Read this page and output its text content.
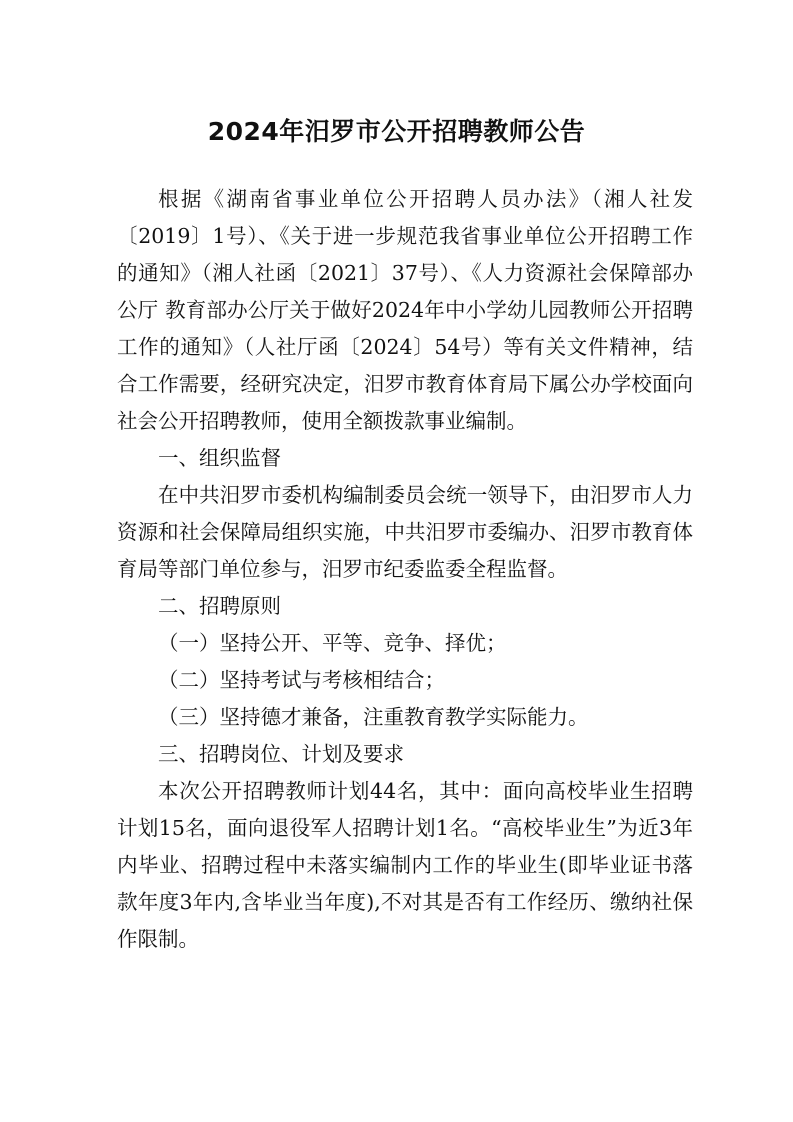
2024年汨罗市公开招聘教师公告

根据《湖南省事业单位公开招聘人员办法》（湘人社发〔2019〕1号）、《关于进一步规范我省事业单位公开招聘工作的通知》（湘人社函〔2021〕37号）、《人力资源社会保障部办公厅 教育部办公厅关于做好2024年中小学幼儿园教师公开招聘工作的通知》（人社厅函〔2024〕54号）等有关文件精神，结合工作需要，经研究决定，汨罗市教育体育局下属公办学校面向社会公开招聘教师，使用全额拨款事业编制。

一、组织监督

在中共汨罗市委机构编制委员会统一领导下，由汨罗市人力资源和社会保障局组织实施，中共汨罗市委编办、汨罗市教育体育局等部门单位参与，汨罗市纪委监委全程监督。

二、招聘原则

（一）坚持公开、平等、竞争、择优；

（二）坚持考试与考核相结合；

（三）坚持德才兼备，注重教育教学实际能力。

三、招聘岗位、计划及要求

本次公开招聘教师计划44名，其中：面向高校毕业生招聘计划15名，面向退役军人招聘计划1名。“高校毕业生”为近3年内毕业、招聘过程中未落实编制内工作的毕业生(即毕业证书落款年度3年内,含毕业当年度),不对其是否有工作经历、缴纳社保作限制。
